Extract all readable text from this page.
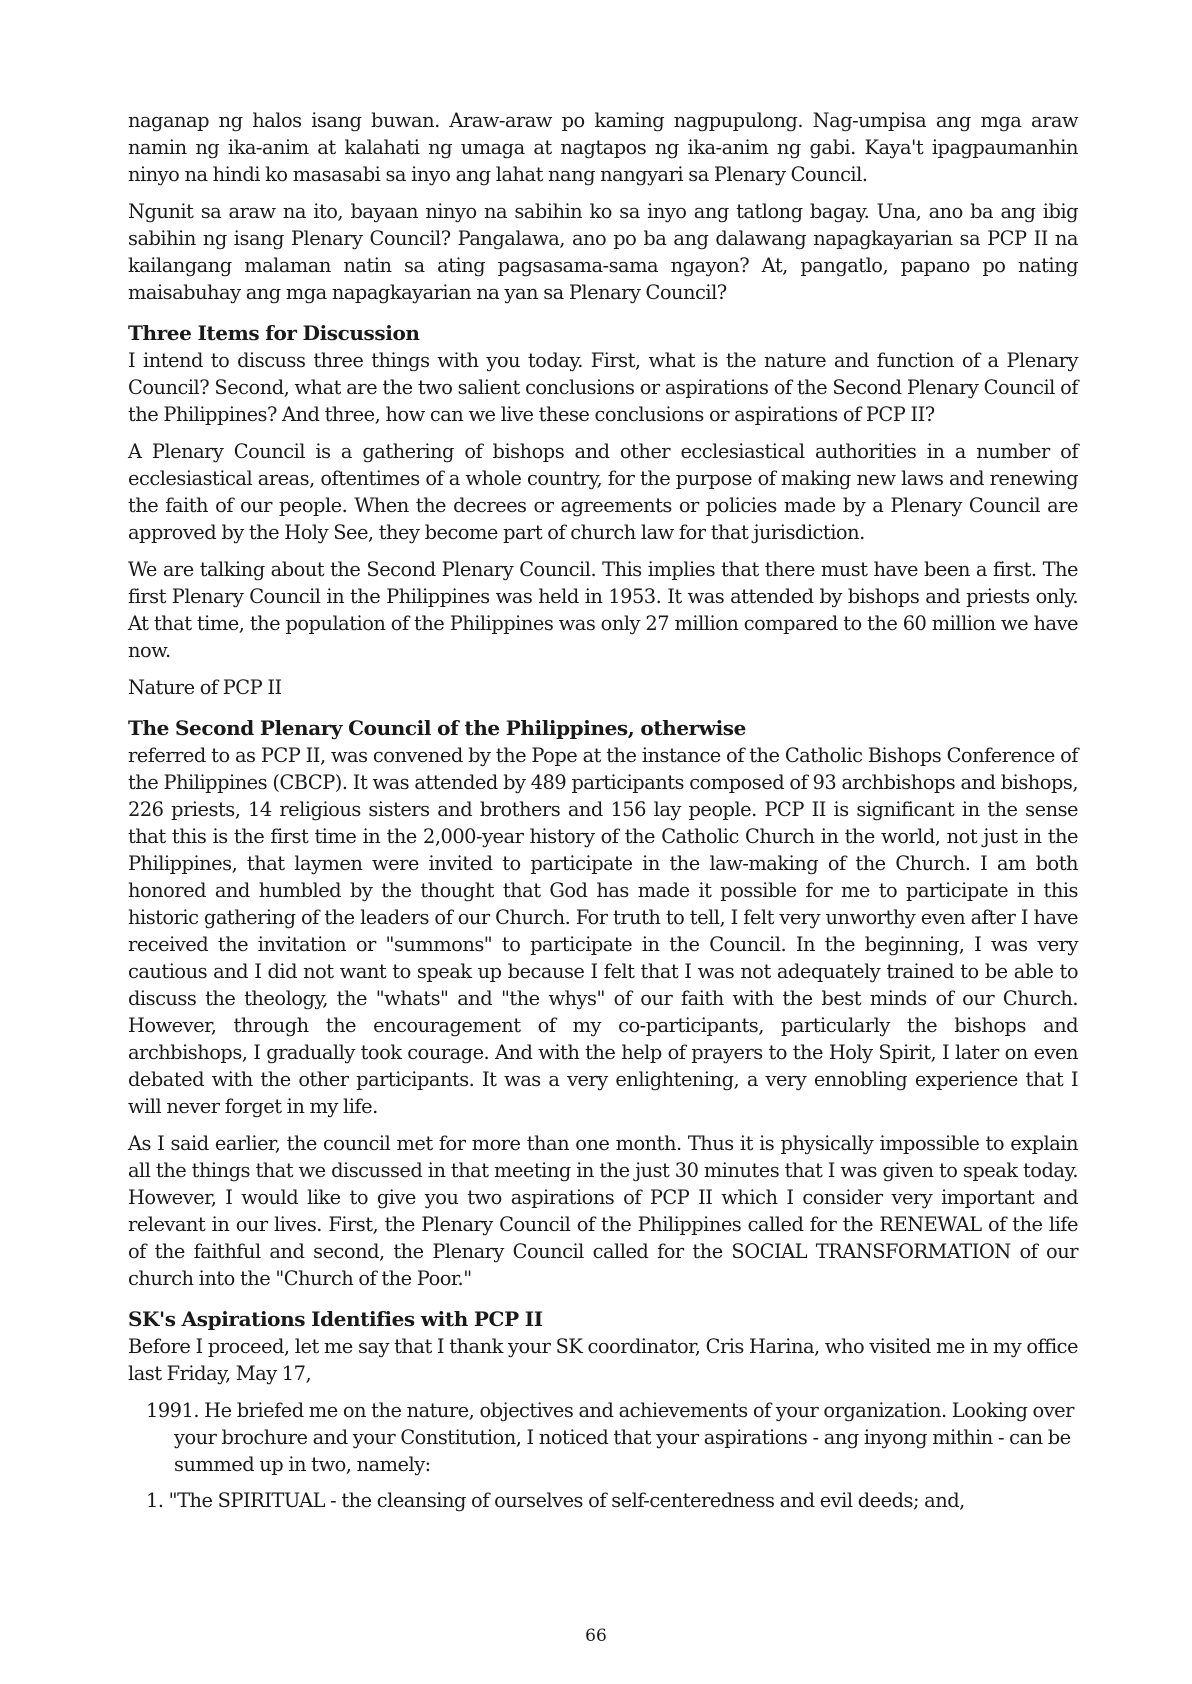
naganap ng halos isang buwan. Araw-araw po kaming nagpupulong. Nag-umpisa ang mga araw namin ng ika-anim at kalahati ng umaga at nagtapos ng ika-anim ng gabi. Kaya't ipagpaumanhin ninyo na hindi ko masasabi sa inyo ang lahat nang nangyari sa Plenary Council.

Ngunit sa araw na ito, bayaan ninyo na sabihin ko sa inyo ang tatlong bagay. Una, ano ba ang ibig sabihin ng isang Plenary Council? Pangalawa, ano po ba ang dalawang napagkayarian sa PCP II na kailangang malaman natin sa ating pagsasama-sama ngayon? At, pangatlo, papano po nating maisabuhay ang mga napagkayarian na yan sa Plenary Council?

Three Items for Discussion

I intend to discuss three things with you today. First, what is the nature and function of a Plenary Council? Second, what are the two salient conclusions or aspirations of the Second Plenary Council of the Philippines? And three, how can we live these conclusions or aspirations of PCP II?

A Plenary Council is a gathering of bishops and other ecclesiastical authorities in a number of ecclesiastical areas, oftentimes of a whole country, for the purpose of making new laws and renewing the faith of our people. When the decrees or agreements or policies made by a Plenary Council are approved by the Holy See, they become part of church law for that jurisdiction.

We are talking about the Second Plenary Council. This implies that there must have been a first. The first Plenary Council in the Philippines was held in 1953. It was attended by bishops and priests only. At that time, the population of the Philippines was only 27 million compared to the 60 million we have now.

Nature of PCP II

The Second Plenary Council of the Philippines, otherwise

referred to as PCP II, was convened by the Pope at the instance of the Catholic Bishops Conference of the Philippines (CBCP). It was attended by 489 participants composed of 93 archbishops and bishops, 226 priests, 14 religious sisters and brothers and 156 lay people. PCP II is significant in the sense that this is the first time in the 2,000-year history of the Catholic Church in the world, not just in the Philippines, that laymen were invited to participate in the law-making of the Church. I am both honored and humbled by the thought that God has made it possible for me to participate in this historic gathering of the leaders of our Church. For truth to tell, I felt very unworthy even after I have received the invitation or "summons" to participate in the Council. In the beginning, I was very cautious and I did not want to speak up because I felt that I was not adequately trained to be able to discuss the theology, the "whats" and "the whys" of our faith with the best minds of our Church. However, through the encouragement of my co-participants, particularly the bishops and archbishops, I gradually took courage. And with the help of prayers to the Holy Spirit, I later on even debated with the other participants. It was a very enlightening, a very ennobling experience that I will never forget in my life.

As I said earlier, the council met for more than one month. Thus it is physically impossible to explain all the things that we discussed in that meeting in the just 30 minutes that I was given to speak today. However, I would like to give you two aspirations of PCP II which I consider very important and relevant in our lives. First, the Plenary Council of the Philippines called for the RENEWAL of the life of the faithful and second, the Plenary Council called for the SOCIAL TRANSFORMATION of our church into the "Church of the Poor."

SK's Aspirations Identifies with PCP II

Before I proceed, let me say that I thank your SK coordinator, Cris Harina, who visited me in my office last Friday, May 17,

1991. He briefed me on the nature, objectives and achievements of your organization. Looking over your brochure and your Constitution, I noticed that your aspirations - ang inyong mithin - can be summed up in two, namely:
1. "The SPIRITUAL - the cleansing of ourselves of self-centeredness and evil deeds; and,
66
